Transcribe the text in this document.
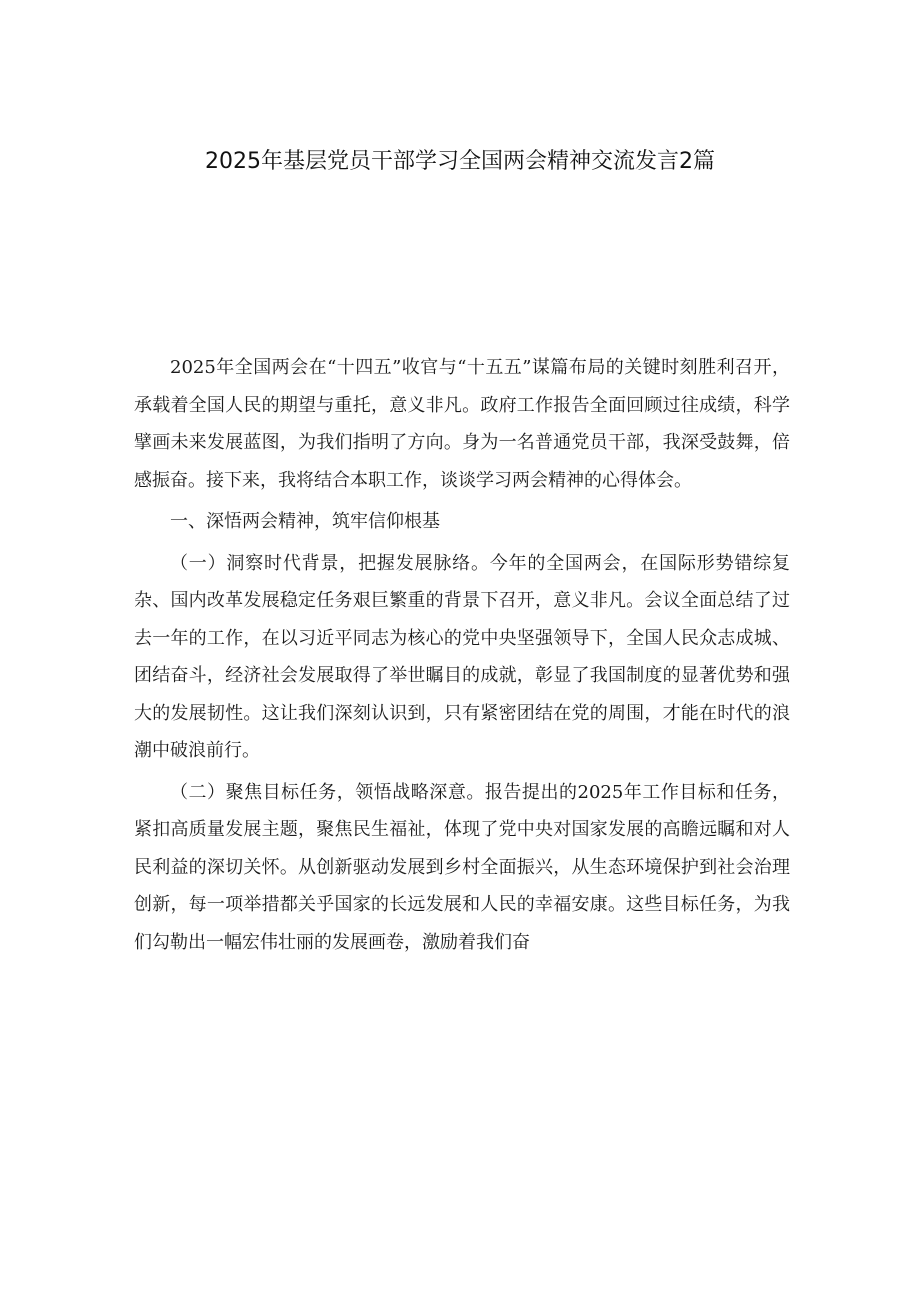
2025年基层党员干部学习全国两会精神交流发言2篇

2025年全国两会在“十四五”收官与“十五五”谋篇布局的关键时刻胜利召开，承载着全国人民的期望与重托，意义非凡。政府工作报告全面回顾过往成绩，科学擘画未来发展蓝图，为我们指明了方向。身为一名普通党员干部，我深受鼓舞，倍感振奋。接下来，我将结合本职工作，谈谈学习两会精神的心得体会。

一、深悟两会精神，筑牢信仰根基

（一）洞察时代背景，把握发展脉络。今年的全国两会，在国际形势错综复杂、国内改革发展稳定任务艰巨繁重的背景下召开，意义非凡。会议全面总结了过去一年的工作，在以习近平同志为核心的党中央坚强领导下，全国人民众志成城、团结奋斗，经济社会发展取得了举世瞩目的成就，彰显了我国制度的显著优势和强大的发展韧性。这让我们深刻认识到，只有紧密团结在党的周围，才能在时代的浪潮中破浪前行。

（二）聚焦目标任务，领悟战略深意。报告提出的2025年工作目标和任务，紧扣高质量发展主题，聚焦民生福祉，体现了党中央对国家发展的高瞻远瞩和对人民利益的深切关怀。从创新驱动发展到乡村全面振兴，从生态环境保护到社会治理创新，每一项举措都关乎国家的长远发展和人民的幸福安康。这些目标任务，为我们勾勒出一幅宏伟壮丽的发展画卷，激励着我们奋
